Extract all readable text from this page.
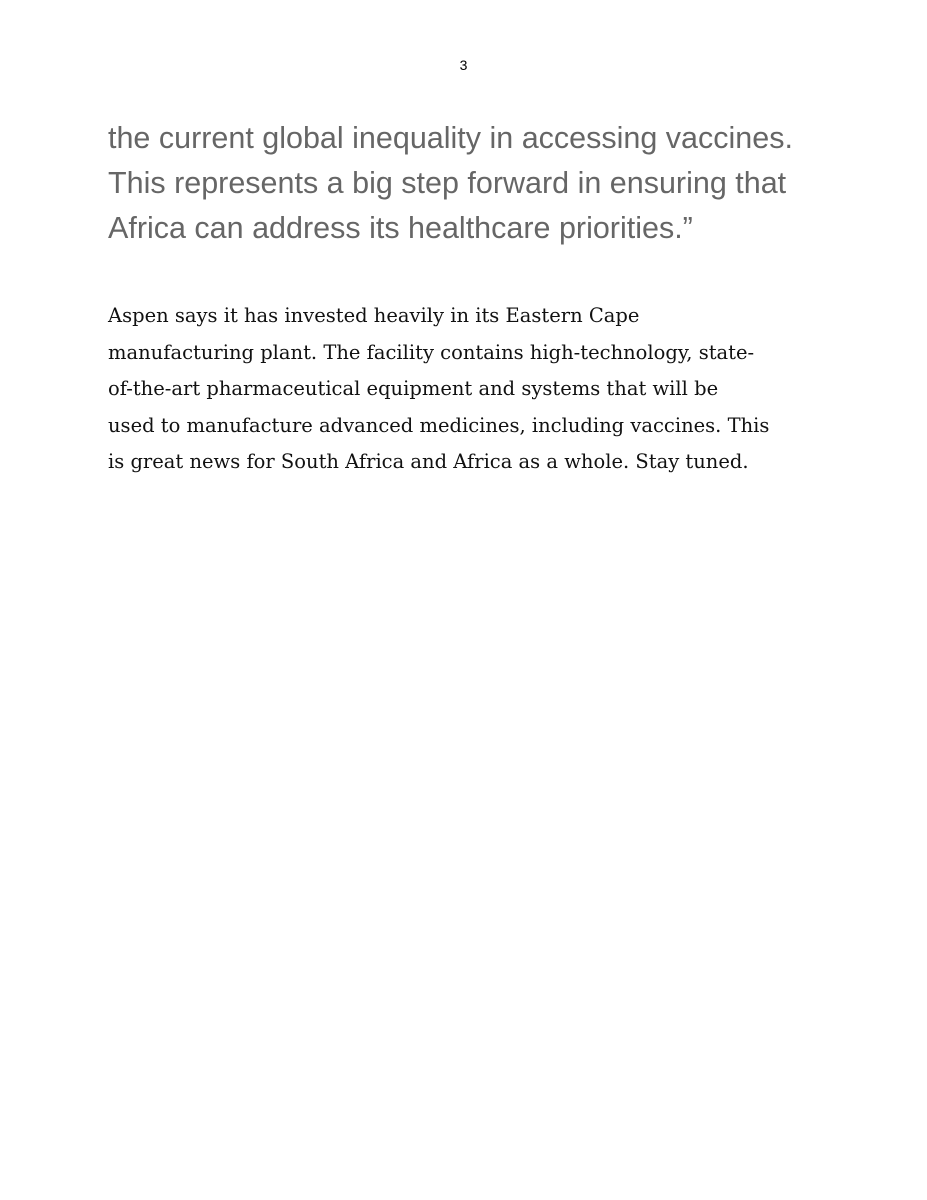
3

the current global inequality in accessing vaccines.
This represents a big step forward in ensuring that
Africa can address its healthcare priorities.”

Aspen says it has invested heavily in its Eastern Cape
manufacturing plant. The facility contains high-technology, state-
of-the-art pharmaceutical equipment and systems that will be
used to manufacture advanced medicines, including vaccines. This
is great news for South Africa and Africa as a whole. Stay tuned.
